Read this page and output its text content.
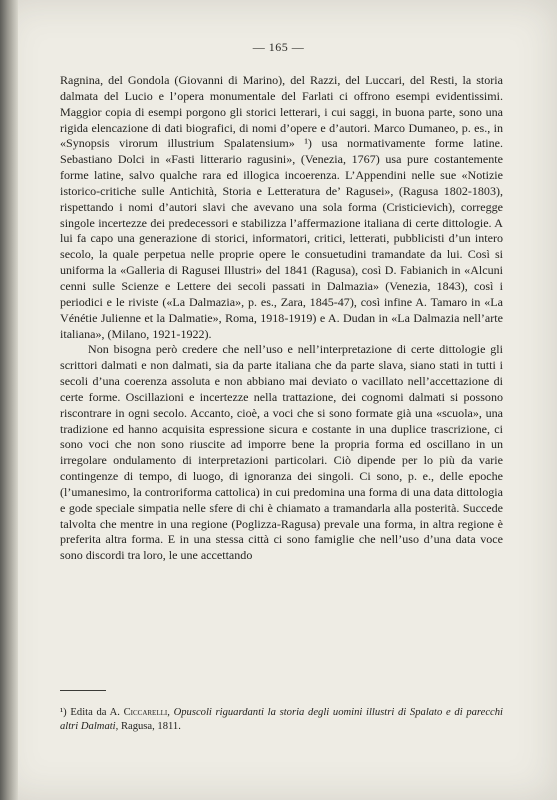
— 165 —

Ragnina, del Gondola (Giovanni di Marino), del Razzi, del Luccari, del Resti, la storia dalmata del Lucio e l’opera monumentale del Farlati ci offrono esempi evidentissimi. Maggior copia di esempi porgono gli storici letterari, i cui saggi, in buona parte, sono una rigida elencazione di dati biografici, di nomi d’opere e d’autori. Marco Dumaneo, p. es., in «Synopsis virorum illustrium Spalatensium» ¹) usa normativamente forme latine. Sebastiano Dolci in «Fasti litterario ragusini», (Venezia, 1767) usa pure costantemente forme latine, salvo qualche rara ed illogica incoerenza. L’Appendini nelle sue «Notizie istorico-critiche sulle Antichità, Storia e Letteratura de’ Ragusei», (Ragusa 1802-1803), rispettando i nomi d’autori slavi che avevano una sola forma (Cristicievich), corregge singole incertezze dei predecessori e stabilizza l’affermazione italiana di certe dittologie. A lui fa capo una generazione di storici, informatori, critici, letterati, pubblicisti d’un intero secolo, la quale perpetua nelle proprie opere le consuetudini tramandate da lui. Così si uniforma la «Galleria di Ragusei Illustri» del 1841 (Ragusa), così D. Fabianich in «Alcuni cenni sulle Scienze e Lettere dei secoli passati in Dalmazia» (Venezia, 1843), così i periodici e le riviste («La Dalmazia», p. es., Zara, 1845-47), così infine A. Tamaro in «La Vénétie Julienne et la Dalmatie», Roma, 1918-1919) e A. Dudan in «La Dalmazia nell’arte italiana», (Milano, 1921-1922).

Non bisogna però credere che nell’uso e nell’interpretazione di certe dittologie gli scrittori dalmati e non dalmati, sia da parte italiana che da parte slava, siano stati in tutti i secoli d’una coerenza assoluta e non abbiano mai deviato o vacillato nell’accettazione di certe forme. Oscillazioni e incertezze nella trattazione, dei cognomi dalmati si possono riscontrare in ogni secolo. Accanto, cioè, a voci che si sono formate già una «scuola», una tradizione ed hanno acquisita espressione sicura e costante in una duplice trascrizione, ci sono voci che non sono riuscite ad imporre bene la propria forma ed oscillano in un irregolare ondulamento di interpretazioni particolari. Ciò dipende per lo più da varie contingenze di tempo, di luogo, di ignoranza dei singoli. Ci sono, p. e., delle epoche (l’umanesimo, la controriforma cattolica) in cui predomina una forma di una data dittologia e gode speciale simpatia nelle sfere di chi è chiamato a tramandarla alla posterità. Succede talvolta che mentre in una regione (Poglizza-Ragusa) prevale una forma, in altra regione è preferita altra forma. E in una stessa città ci sono famiglie che nell’uso d’una data voce sono discordi tra loro, le une accettando

¹) Edita da A. Ciccarelli, Opuscoli riguardanti la storia degli uomini illustri di Spalato e di parecchi altri Dalmati, Ragusa, 1811.
